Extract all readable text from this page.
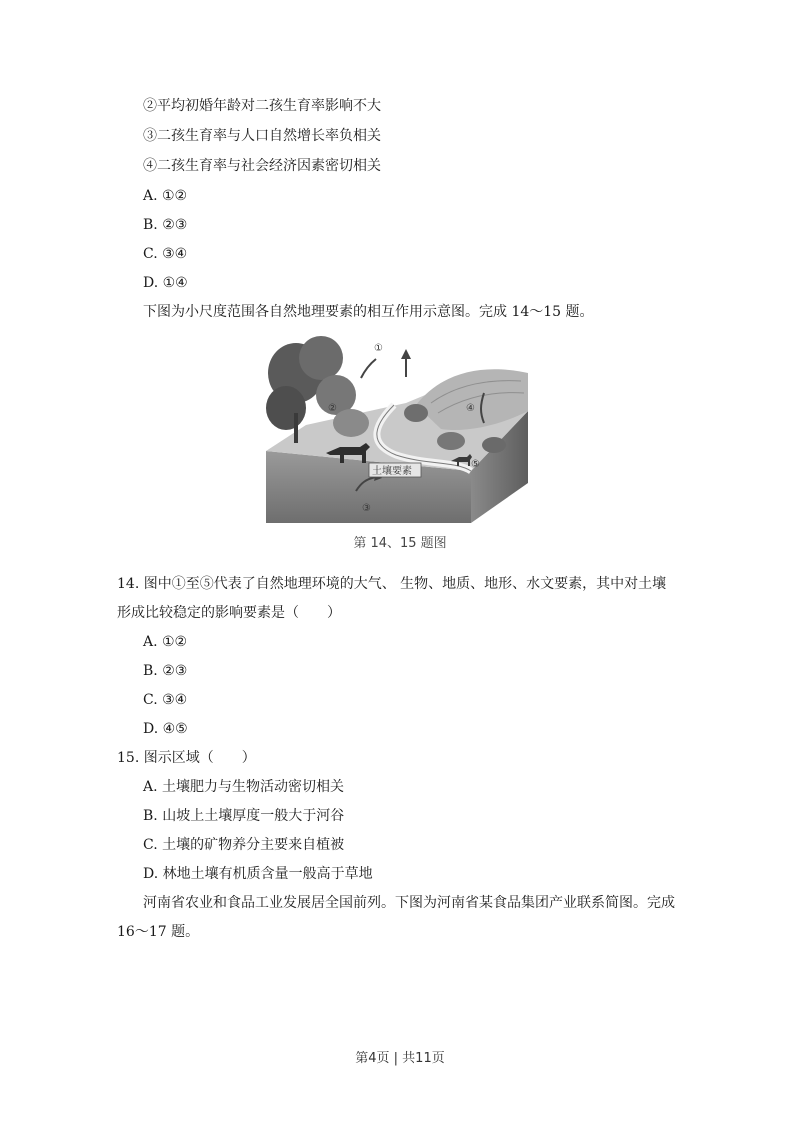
②平均初婚年龄对二孩生育率影响不大
③二孩生育率与人口自然增长率负相关
④二孩生育率与社会经济因素密切相关
A. ①②
B. ②③
C. ③④
D. ①④
下图为小尺度范围各自然地理要素的相互作用示意图。完成 14～15 题。
土壤要素
①
②
③
④
⑤
第 14、15 题图
14. 图中①至⑤代表了自然地理环境的大气、 生物、地质、地形、水文要素，其中对土壤
形成比较稳定的影响要素是（　　）
A. ①②
B. ②③
C. ③④
D. ④⑤
15. 图示区域（　　）
A. 土壤肥力与生物活动密切相关
B. 山坡上土壤厚度一般大于河谷
C. 土壤的矿物养分主要来自植被
D. 林地土壤有机质含量一般高于草地
河南省农业和食品工业发展居全国前列。下图为河南省某食品集团产业联系简图。完成
16～17 题。
第4页 | 共11页
